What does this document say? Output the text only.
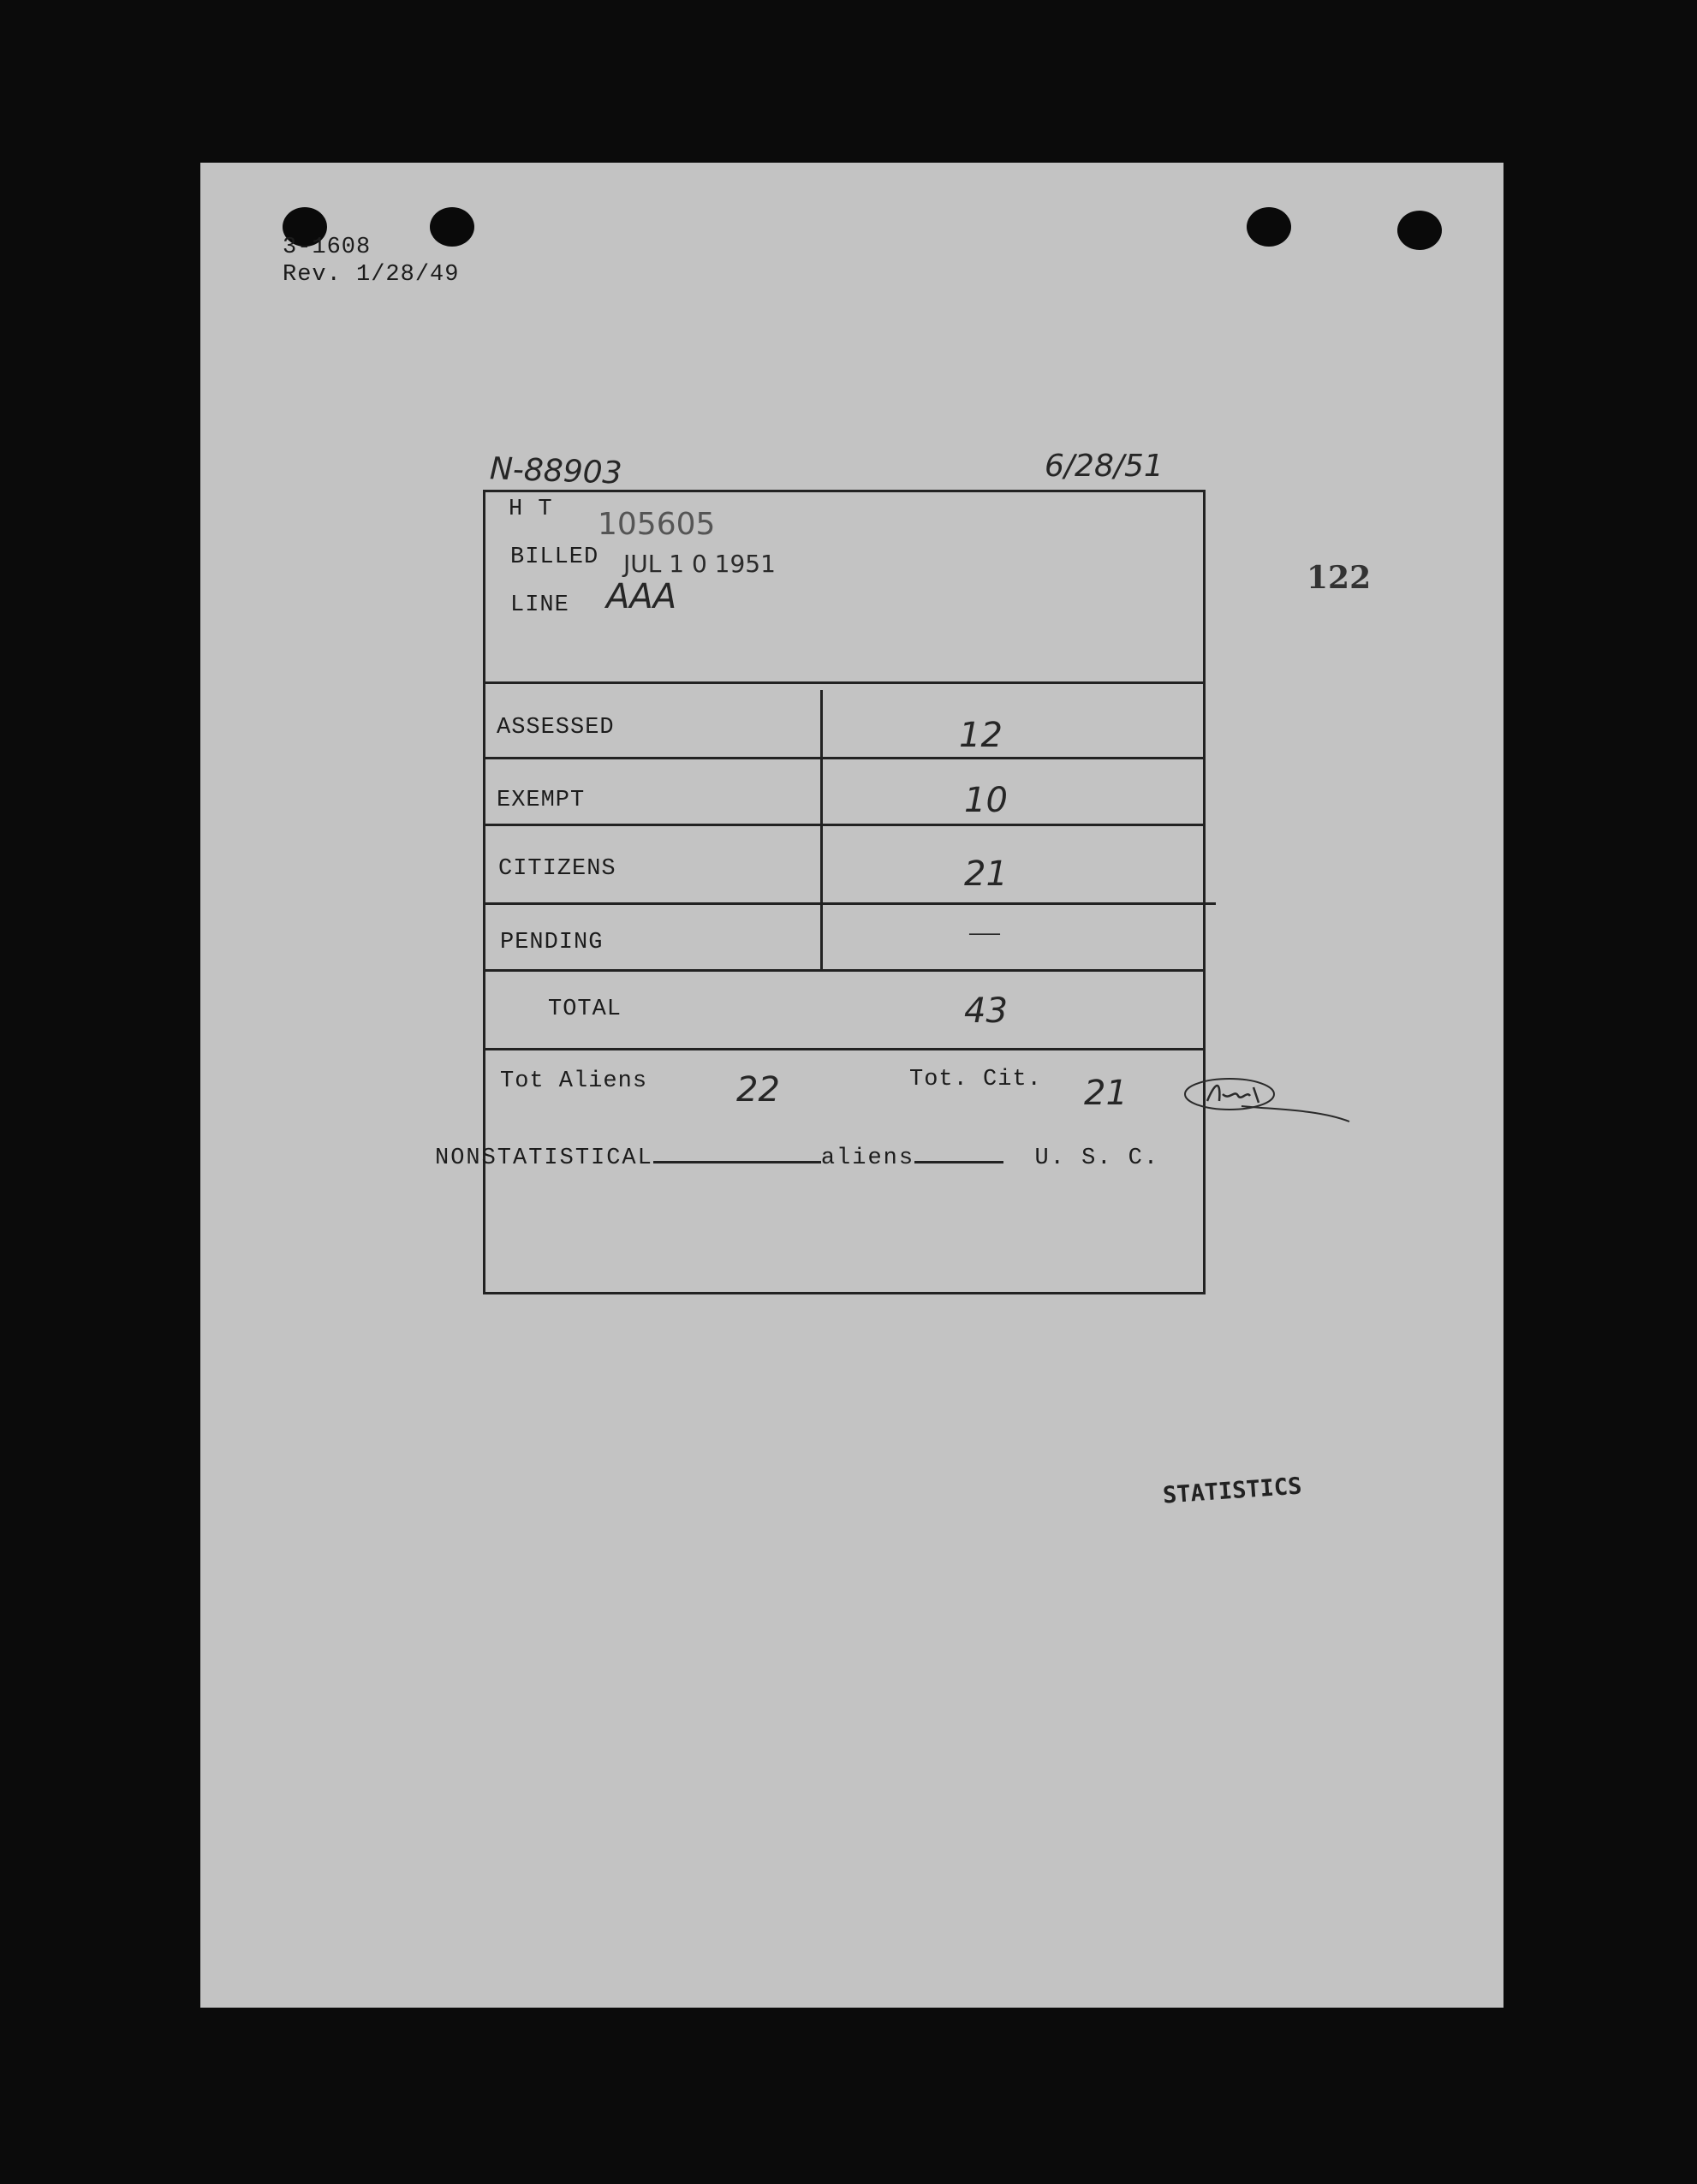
3-1608
Rev. 1/28/49
N-88903	6/28/51
122
H T 105605
BILLED JUL 1 0 1951
LINE AAA
ASSESSED	12
EXEMPT	10
CITIZENS	21
PENDING	—
TOTAL	43
Tot Aliens	22	Tot. Cit. 21
NONSTATISTICAL	aliens	U. S. C.
STATISTICS
